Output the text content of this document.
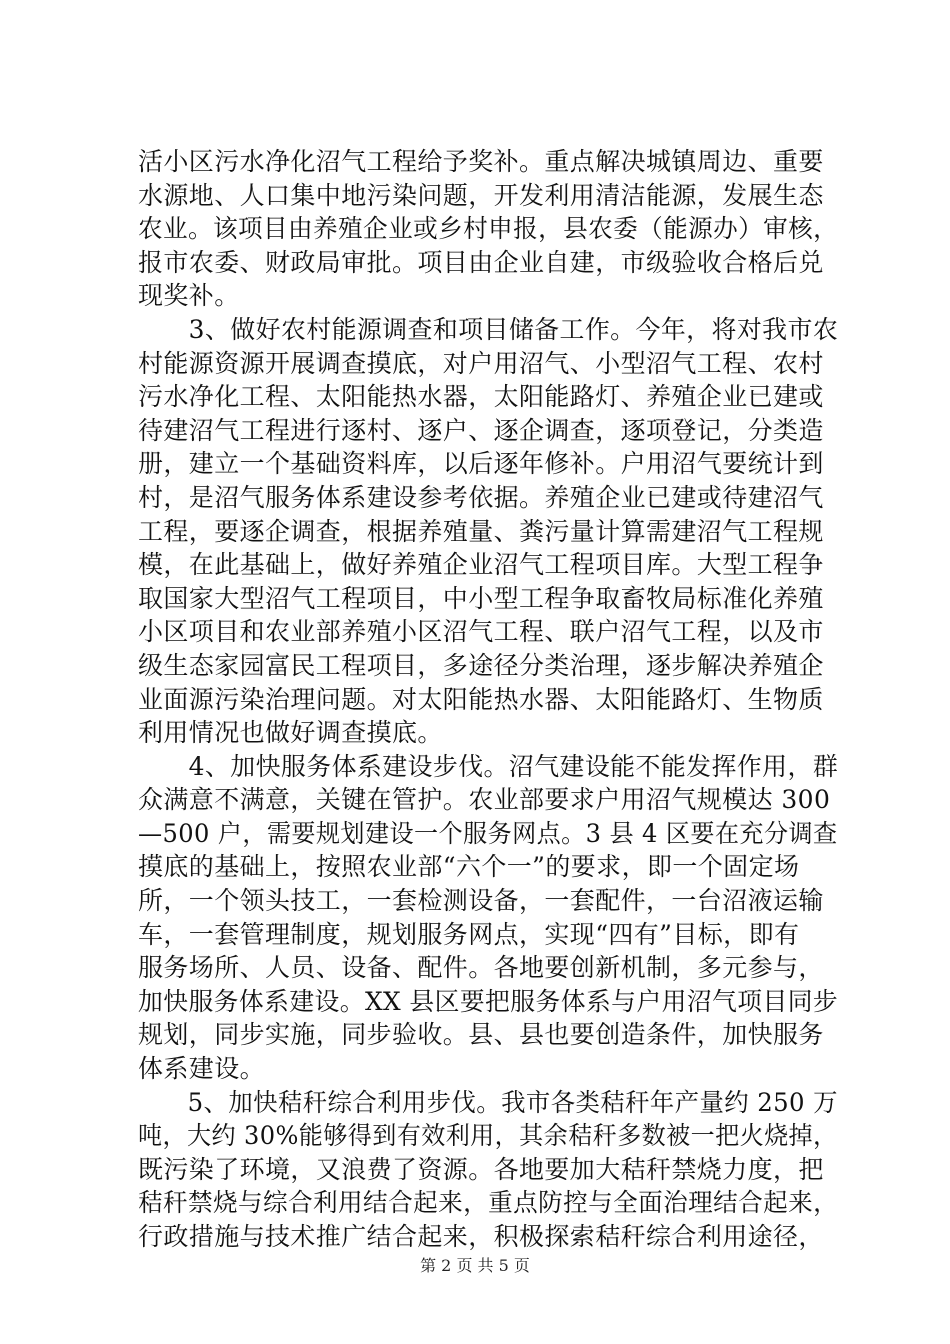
活小区污水净化沼气工程给予奖补。重点解决城镇周边、重要
水源地、人口集中地污染问题，开发利用清洁能源，发展生态
农业。该项目由养殖企业或乡村申报，县农委（能源办）审核，
报市农委、财政局审批。项目由企业自建，市级验收合格后兑
现奖补。
　　3、做好农村能源调查和项目储备工作。今年，将对我市农
村能源资源开展调查摸底，对户用沼气、小型沼气工程、农村
污水净化工程、太阳能热水器，太阳能路灯、养殖企业已建或
待建沼气工程进行逐村、逐户、逐企调查，逐项登记，分类造
册，建立一个基础资料库，以后逐年修补。户用沼气要统计到
村，是沼气服务体系建设参考依据。养殖企业已建或待建沼气
工程，要逐企调查，根据养殖量、粪污量计算需建沼气工程规
模，在此基础上，做好养殖企业沼气工程项目库。大型工程争
取国家大型沼气工程项目，中小型工程争取畜牧局标准化养殖
小区项目和农业部养殖小区沼气工程、联户沼气工程，以及市
级生态家园富民工程项目，多途径分类治理，逐步解决养殖企
业面源污染治理问题。对太阳能热水器、太阳能路灯、生物质
利用情况也做好调查摸底。
　　4、加快服务体系建设步伐。沼气建设能不能发挥作用，群
众满意不满意，关键在管护。农业部要求户用沼气规模达 300
—500 户，需要规划建设一个服务网点。3 县 4 区要在充分调查
摸底的基础上，按照农业部“六个一”的要求，即一个固定场
所，一个领头技工，一套检测设备，一套配件，一台沼液运输
车，一套管理制度，规划服务网点，实现“四有”目标，即有
服务场所、人员、设备、配件。各地要创新机制，多元参与，
加快服务体系建设。XX 县区要把服务体系与户用沼气项目同步
规划，同步实施，同步验收。县、县也要创造条件，加快服务
体系建设。
　　5、加快秸秆综合利用步伐。我市各类秸秆年产量约 250 万
吨，大约 30%能够得到有效利用，其余秸秆多数被一把火烧掉，
既污染了环境，又浪费了资源。各地要加大秸秆禁烧力度，把
秸秆禁烧与综合利用结合起来，重点防控与全面治理结合起来，
行政措施与技术推广结合起来，积极探索秸秆综合利用途径，
第 2 页 共 5 页
